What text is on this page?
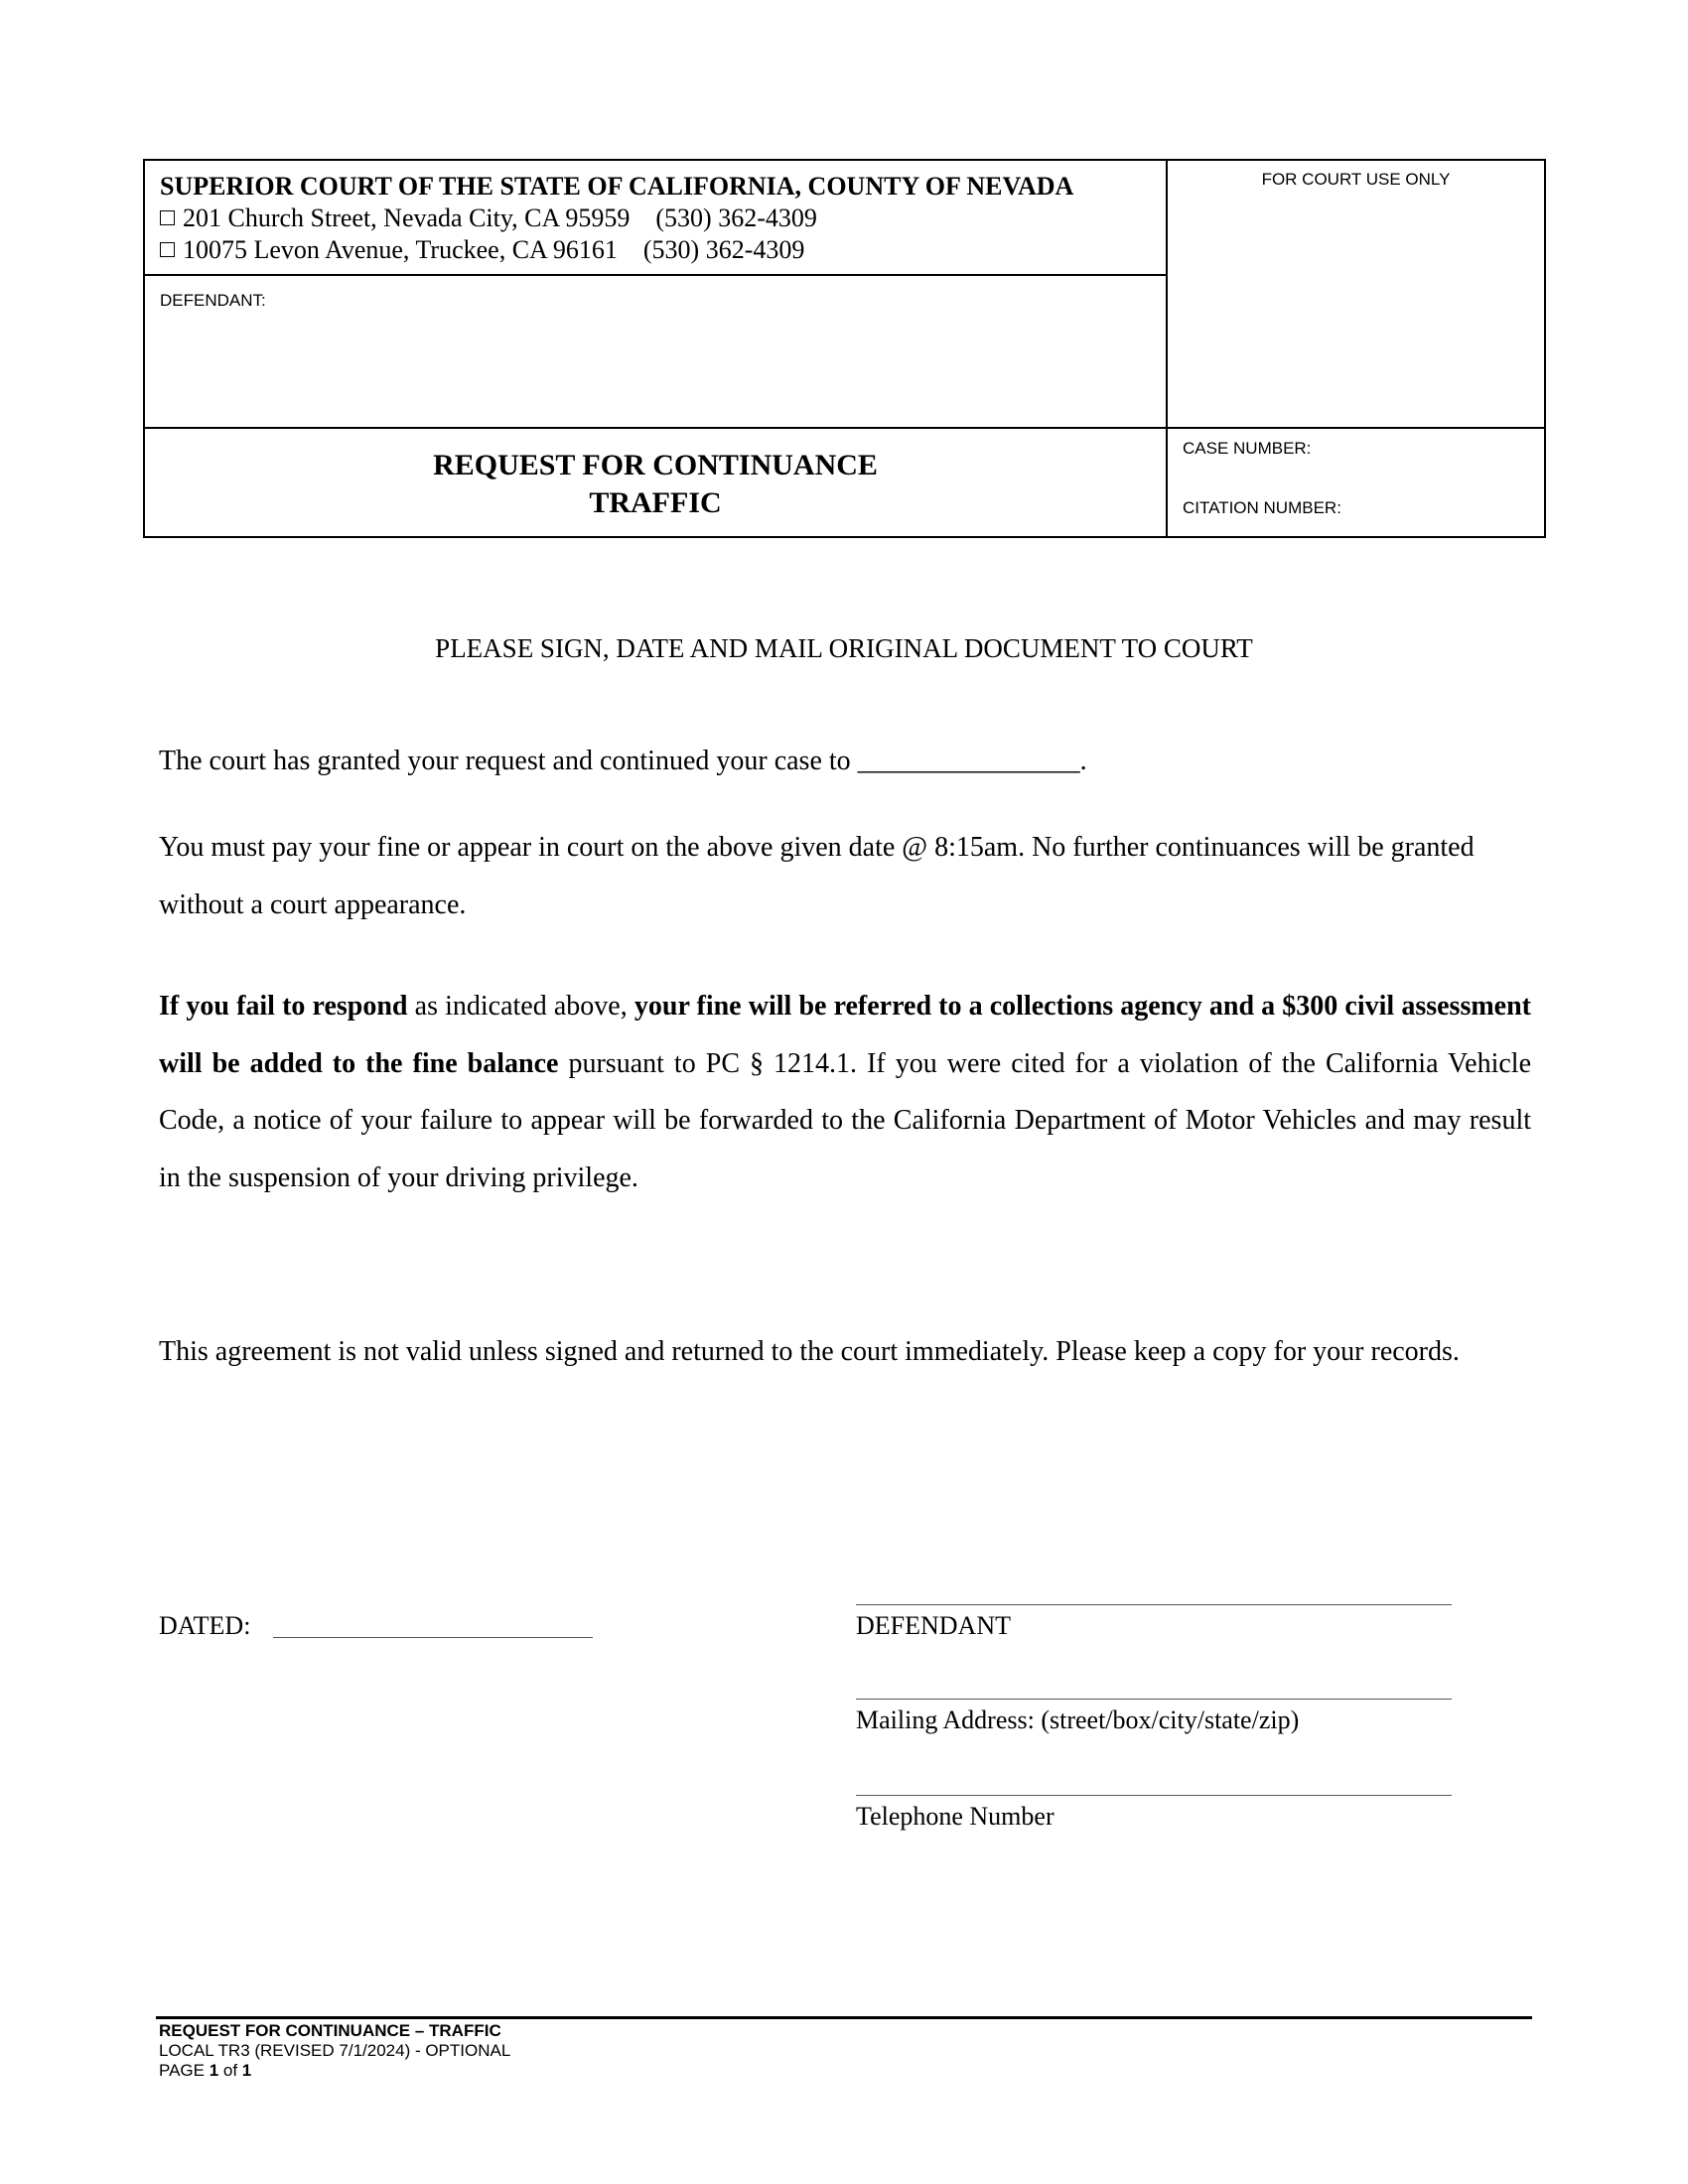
SUPERIOR COURT OF THE STATE OF CALIFORNIA, COUNTY OF NEVADA
201 Church Street, Nevada City, CA 95959 (530) 362-4309
10075 Levon Avenue, Truckee, CA 96161 (530) 362-4309
DEFENDANT:
FOR COURT USE ONLY
REQUEST FOR CONTINUANCE
TRAFFIC
CASE NUMBER:
CITATION NUMBER:
PLEASE SIGN, DATE AND MAIL ORIGINAL DOCUMENT TO COURT
The court has granted your request and continued your case to ________________.
You must pay your fine or appear in court on the above given date @ 8:15am. No further continuances will be granted without a court appearance.
If you fail to respond as indicated above, your fine will be referred to a collections agency and a $300 civil assessment will be added to the fine balance pursuant to PC § 1214.1. If you were cited for a violation of the California Vehicle Code, a notice of your failure to appear will be forwarded to the California Department of Motor Vehicles and may result in the suspension of your driving privilege.
This agreement is not valid unless signed and returned to the court immediately. Please keep a copy for your records.
DATED:	DEFENDANT
Mailing Address: (street/box/city/state/zip)
Telephone Number
REQUEST FOR CONTINUANCE – TRAFFIC
LOCAL TR3 (REVISED 7/1/2024) - OPTIONAL
PAGE 1 of 1
